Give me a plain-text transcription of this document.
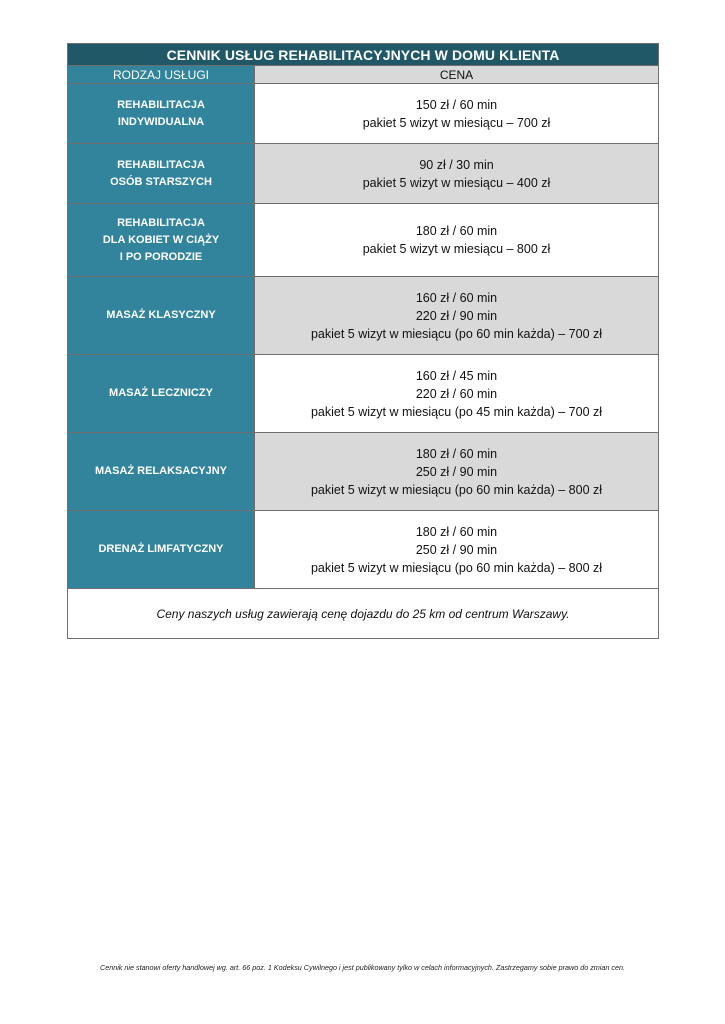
CENNIK USŁUG REHABILITACYJNYCH W DOMU KLIENTA	
RODZAJ USŁUGI	CENA

REHABILITACJA
INDYWIDUALNA	150 zł / 60 min
pakiet 5 wizyt w miesiącu – 700 zł

REHABILITACJA
OSÓB STARSZYCH	90 zł / 30 min
pakiet 5 wizyt w miesiącu – 400 zł

REHABILITACJA
DLA KOBIET W CIĄŻY
I PO PORODZIE	180 zł / 60 min
pakiet 5 wizyt w miesiącu – 800 zł

MASAŻ KLASYCZNY	160 zł / 60 min
220 zł / 90 min
pakiet 5 wizyt w miesiącu (po 60 min każda) – 700 zł

MASAŻ LECZNICZY	160 zł / 45 min
220 zł / 60 min
pakiet 5 wizyt w miesiącu (po 45 min każda) – 700 zł

MASAŻ RELAKSACYJNY	180 zł / 60 min
250 zł / 90 min
pakiet 5 wizyt w miesiącu (po 60 min każda) – 800 zł

DRENAŻ LIMFATYCZNY	180 zł / 60 min
250 zł / 90 min
pakiet 5 wizyt w miesiącu (po 60 min każda) – 800 zł

Ceny naszych usług zawierają cenę dojazdu do 25 km od centrum Warszawy.	
Cennik nie stanowi oferty handlowej wg. art. 66 poz. 1 Kodeksu Cywilnego i jest publikowany tylko w celach informacyjnych. Zastrzegamy sobie prawo do zmian cen.
